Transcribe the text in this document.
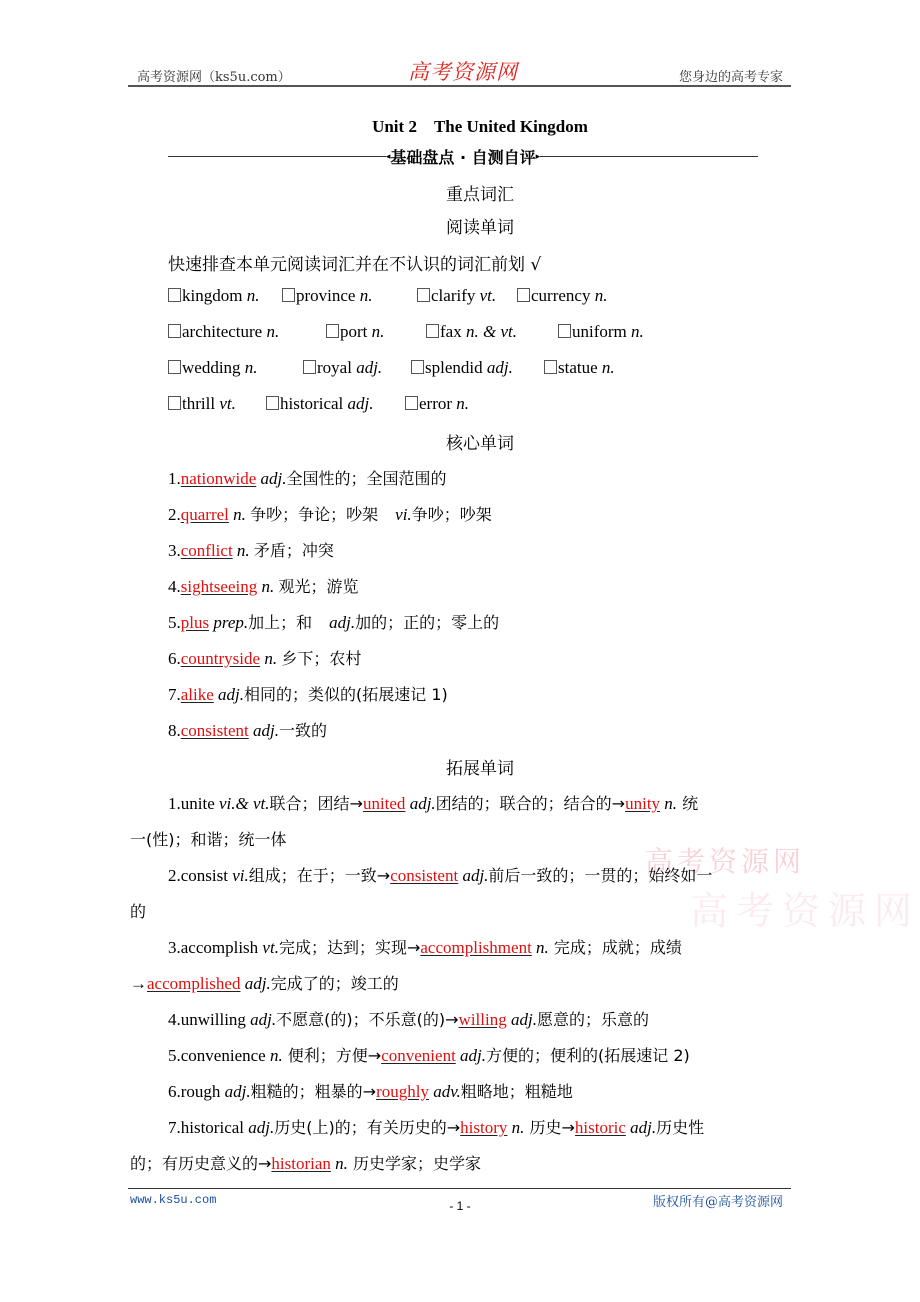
高考资源网（ks5u.com）	高考资源网	您身边的高考专家
Unit 2　The United Kingdom
◂ 基础盘点 · 自测自评 ▸
重点词汇
阅读单词
快速排查本单元阅读词汇并在不认识的词汇前划 √
kingdom n.	province n.	clarify vt.	currency n.
architecture n.	port n.	fax n. & vt.	uniform n.
wedding n.	royal adj.	splendid adj.	statue n.
thrill vt.	historical adj.	error n.
核心单词
1.nationwide adj.全国性的；全国范围的
2.quarrel n. 争吵；争论；吵架 vi.争吵；吵架
3.conflict n. 矛盾；冲突
4.sightseeing n. 观光；游览
5.plus prep.加上；和 adj.加的；正的；零上的
6.countryside n. 乡下；农村
7.alike adj.相同的；类似的(拓展速记 1)
8.consistent adj.一致的
拓展单词
高考资源网
高考资源网
1.unite vi.& vt.联合；团结→united adj.团结的；联合的；结合的→unity n. 统
一(性)；和谐；统一体
2.consist vi.组成；在于；一致→consistent adj.前后一致的；一贯的；始终如一
的
3.accomplish vt.完成；达到；实现→accomplishment n. 完成；成就；成绩
→accomplished adj.完成了的；竣工的
4.unwilling adj.不愿意(的)；不乐意(的)→willing adj.愿意的；乐意的
5.convenience n. 便利；方便→convenient adj.方便的；便利的(拓展速记 2)
6.rough adj.粗糙的；粗暴的→roughly adv.粗略地；粗糙地
7.historical adj.历史(上)的；有关历史的→history n. 历史→historic adj.历史性
的；有历史意义的→historian n. 历史学家；史学家
www.ks5u.com	- 1 -	版权所有@高考资源网
